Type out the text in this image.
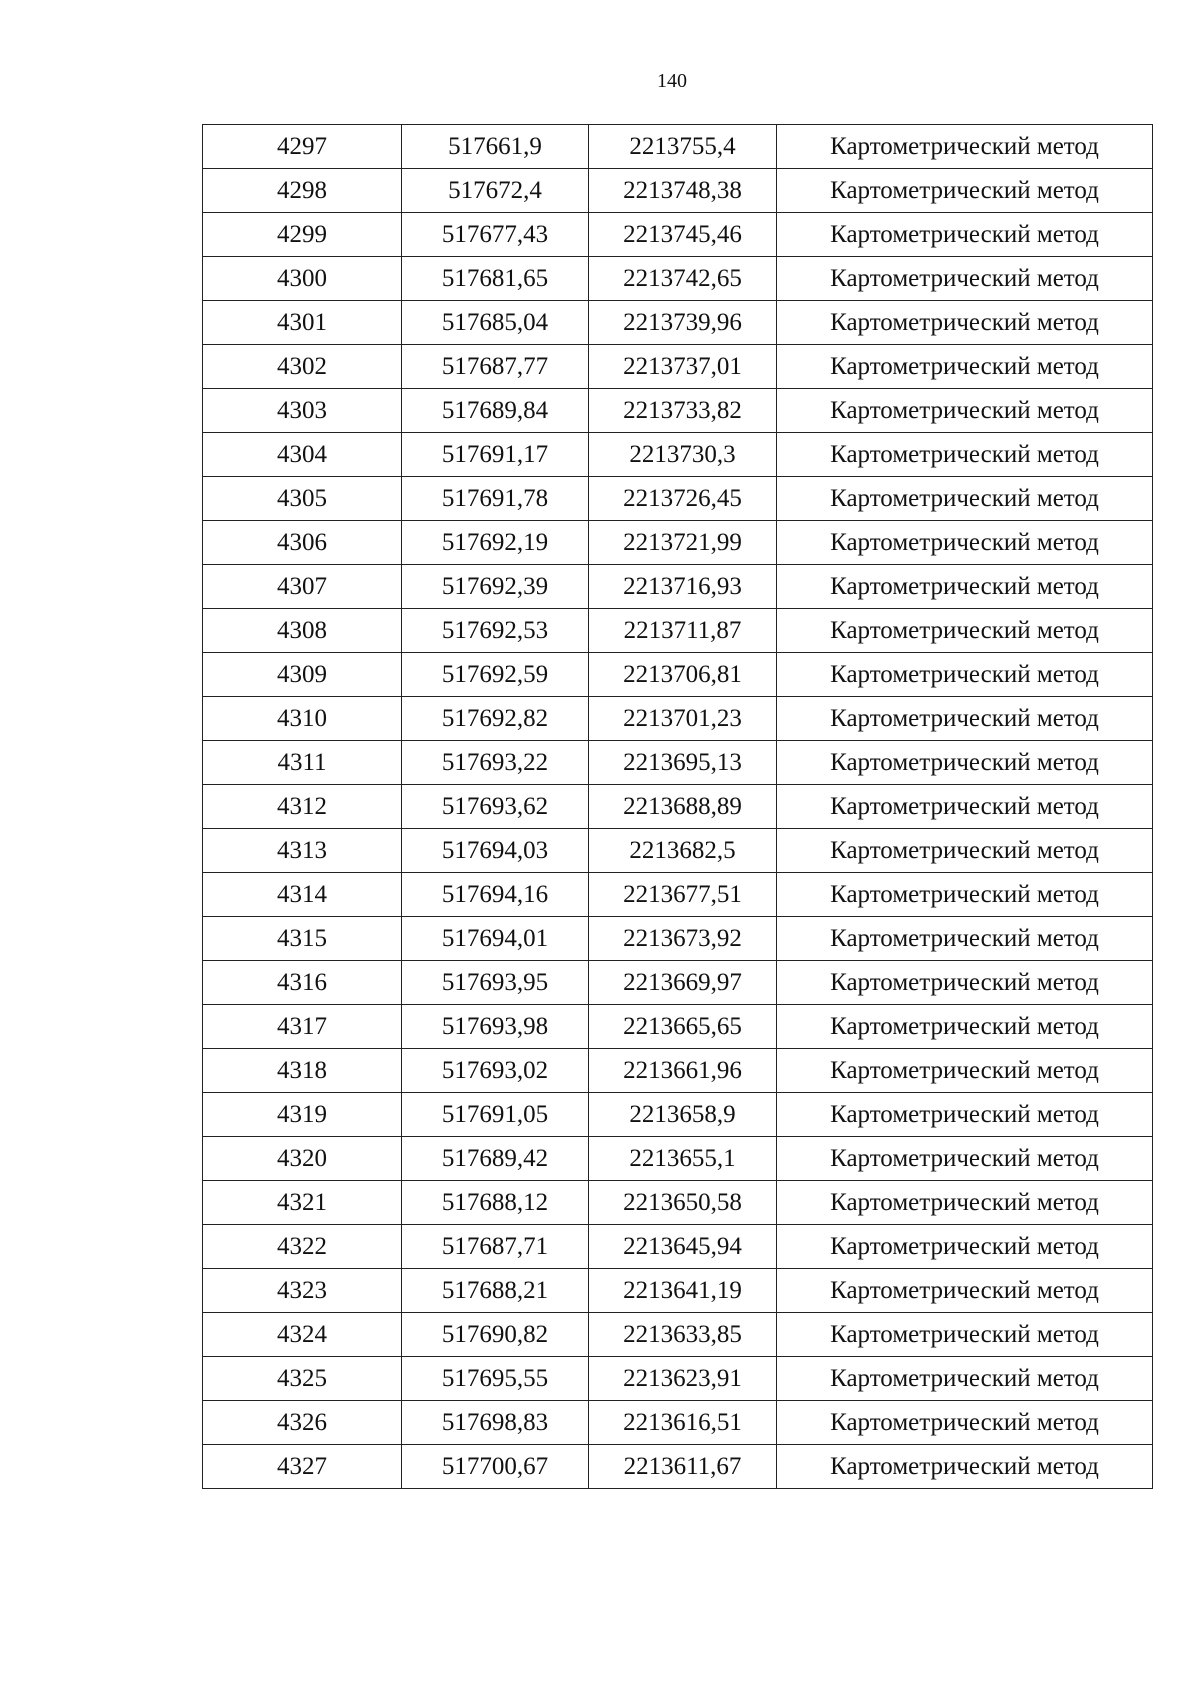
140
4297	517661,9	2213755,4	Картометрический метод
4298	517672,4	2213748,38	Картометрический метод
4299	517677,43	2213745,46	Картометрический метод
4300	517681,65	2213742,65	Картометрический метод
4301	517685,04	2213739,96	Картометрический метод
4302	517687,77	2213737,01	Картометрический метод
4303	517689,84	2213733,82	Картометрический метод
4304	517691,17	2213730,3	Картометрический метод
4305	517691,78	2213726,45	Картометрический метод
4306	517692,19	2213721,99	Картометрический метод
4307	517692,39	2213716,93	Картометрический метод
4308	517692,53	2213711,87	Картометрический метод
4309	517692,59	2213706,81	Картометрический метод
4310	517692,82	2213701,23	Картометрический метод
4311	517693,22	2213695,13	Картометрический метод
4312	517693,62	2213688,89	Картометрический метод
4313	517694,03	2213682,5	Картометрический метод
4314	517694,16	2213677,51	Картометрический метод
4315	517694,01	2213673,92	Картометрический метод
4316	517693,95	2213669,97	Картометрический метод
4317	517693,98	2213665,65	Картометрический метод
4318	517693,02	2213661,96	Картометрический метод
4319	517691,05	2213658,9	Картометрический метод
4320	517689,42	2213655,1	Картометрический метод
4321	517688,12	2213650,58	Картометрический метод
4322	517687,71	2213645,94	Картометрический метод
4323	517688,21	2213641,19	Картометрический метод
4324	517690,82	2213633,85	Картометрический метод
4325	517695,55	2213623,91	Картометрический метод
4326	517698,83	2213616,51	Картометрический метод
4327	517700,67	2213611,67	Картометрический метод
